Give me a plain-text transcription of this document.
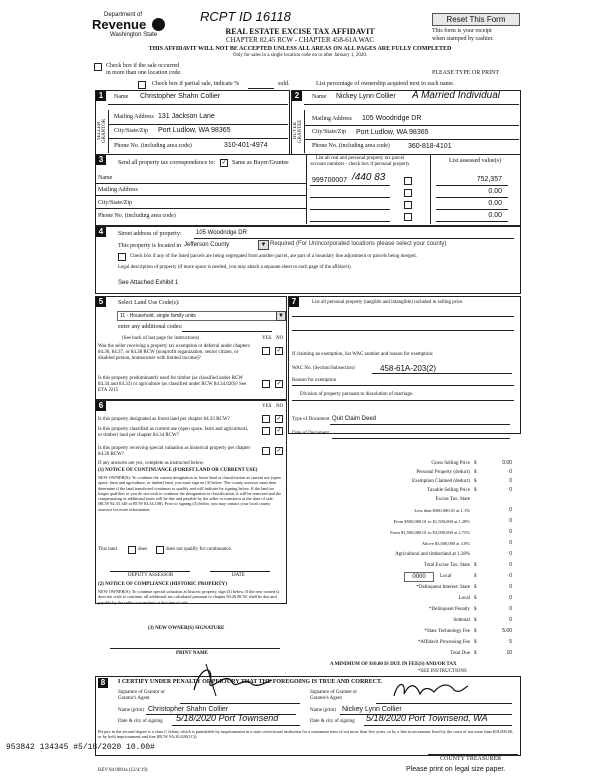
Department of
Revenue
Washington State
RCPT ID 16118	Reset This Form
REAL ESTATE EXCISE TAX AFFIDAVIT
CHAPTER 82.45 RCW - CHAPTER 458-61A WAC
THIS AFFIDAVIT WILL NOT BE ACCEPTED UNLESS ALL AREAS ON ALL PAGES ARE FULLY COMPLETED
Only for sales in a single location code on or after January 1, 2020.
This form is your receipt
when stamped by cashier.
PLEASE TYPE OR PRINT
Check box if the sale occurred
in more than one location code.
Check box if partial sale, indicate %	sold.	List percentage of ownership acquired next to each name.
1
SELLER GRANTOR
Name Christopher Shahn Collier
Mailing Address 131 Jackson Lane
City/State/Zip Port Ludlow, WA 98365
Phone No. (including area code)	310-401-4974
2
BUYER GRANTEE
Name Nickey Lynn Collier A Married Individual
Mailing Address 105 Woodridge DR
City/State/Zip Port Ludlow, WA 98365
Phone No. (including area code)	360-818-4101
3	Send all property tax correspondence to: ✓ Same as Buyer/Grantee
List all real and personal property tax parcel account numbers - check box if personal property
List assessed value(s)
Name
Mailing Address
City/State/Zip
Phone No. (including area code)
999700007 /440 83	752,357
0.00
0.00
0.00
4	Street address of property: 105 Woodridge DR
This property is located in Jefferson County	▼ Required (For Unincorporated locations please select your county)
Check box if any of the listed parcels are being segregated from another parcel, are part of a boundary line adjustment or parcels being merged.
Legal description of property (if more space is needed, you may attach a separate sheet to each page of the affidavit)
See Attached Exhibit 1
5	Select Land Use Code(s):
11 - Household, single family units	▼
enter any additional codes:
(See back of last page for instructions)	YES NO
Was the seller receiving a property tax exemption or deferral under chapters 84.36, 84.37, or 84.38 RCW (nonprofit organization, senior citizen, or disabled person, homeowner with limited income)?
✓
Is this property predominantly used for timber (as classified under RCW 84.34 and 84.33) or agriculture (as classified under RCW 84.34.020)? See ETA 3215
✓
6	YES NO
Is this property designated as forest land per chapter 84.33 RCW?	✓
Is this property classified as current use (open space, farm and agricultural, or timber) land per chapter 84.34 RCW?
✓
Is this property receiving special valuation as historical property per chapter 84.26 RCW?
✓
If any answers are yes, complete as instructed below.
(1) NOTICE OF CONTINUANCE (FOREST LAND OR CURRENT USE)
NEW OWNER(S): To continue the current designation as forest land or classification as current use (open space, farm and agriculture, or timber) land, you must sign on (3) below. The county assessor must then determine if the land transferred continues to qualify and will indicate by signing below. If the land no longer qualifies or you do not wish to continue the designation or classification, it will be removed and the compensating or additional taxes will be due and payable by the seller or transferor at the time of sale. (RCW 84.33.140 or RCW 84.34.108). Prior to signing (3) below, you may contact your local county assessor for more information.
This land	does	does not qualify for continuance.
DEPUTY ASSESSOR	DATE
(2) NOTICE OF COMPLIANCE (HISTORIC PROPERTY)
NEW OWNER(S): To continue special valuation as historic property, sign (3) below. If the new owner(s) does not wish to continue, all additional tax calculated pursuant to chapter 84.26 RCW, shall be due and payable by the seller or transferor at the time of sale.
(3) NEW OWNER(S) SIGNATURE
PRINT NAME
7	List all personal property (tangible and intangible) included in selling price.
If claiming an exemption, list WAC number and reason for exemption:
WAC No. (Section/Subsection)	458-61A-203(2)
Reason for exemption
Division of property pursuant to dissolution of marriage.
Type of Document Quit Claim Deed
Date of Document
Gross Selling Price $	0.00
Personal Property (deduct) $	0
Exemption Claimed (deduct) $	0
Taxable Selling Price $	0
Excise Tax: State
Less than $500,000.01 at 1.1%	0
From $500,000.01 to $1,500,000 at 1.28%	0
From $1,500,000.01 to $3,000,000 at 2.75%	0
Above $3,000,000 at 3.0%	0
Agricultural and timberland at 1.28%	0
Total Excise Tax: State $	0
0000	Local	$	0
*Delinquent Interest: State $	0
Local $	0
*Delinquent Penalty $	0
Subtotal $	0
*State Technology Fee $	5.00
*Affidavit Processing Fee $	5
Total Due $	10
A MINIMUM OF $10.00 IS DUE IN FEE(S) AND/OR TAX
*SEE INSTRUCTIONS
8	I CERTIFY UNDER PENALTY OF PERJURY THAT THE FOREGOING IS TRUE AND CORRECT.
Signature of Grantor or Grantor's Agent
Signature of Grantee or Grantee's Agent
Name (print) Christopher Shahn Collier	Name (print) Nickey Lynn Collier
Date & city of signing 5/18/2020 Port Townsend	Date & city of signing 5/18/2020 Port Townsend, WA
Perjury in the second degree is a class C felony which is punishable by imprisonment in a state correctional institution for a maximum term of not more than five years, or by a fine in an amount fixed by the court of not more than $10,000.00, or by both imprisonment and fine (RCW 9A.20.020(1C)).
953842 134345 #5/18/2020 10.00#
COUNTY TREASURER
Please print on legal size paper.
REV 84 0001a (12/4/19)
